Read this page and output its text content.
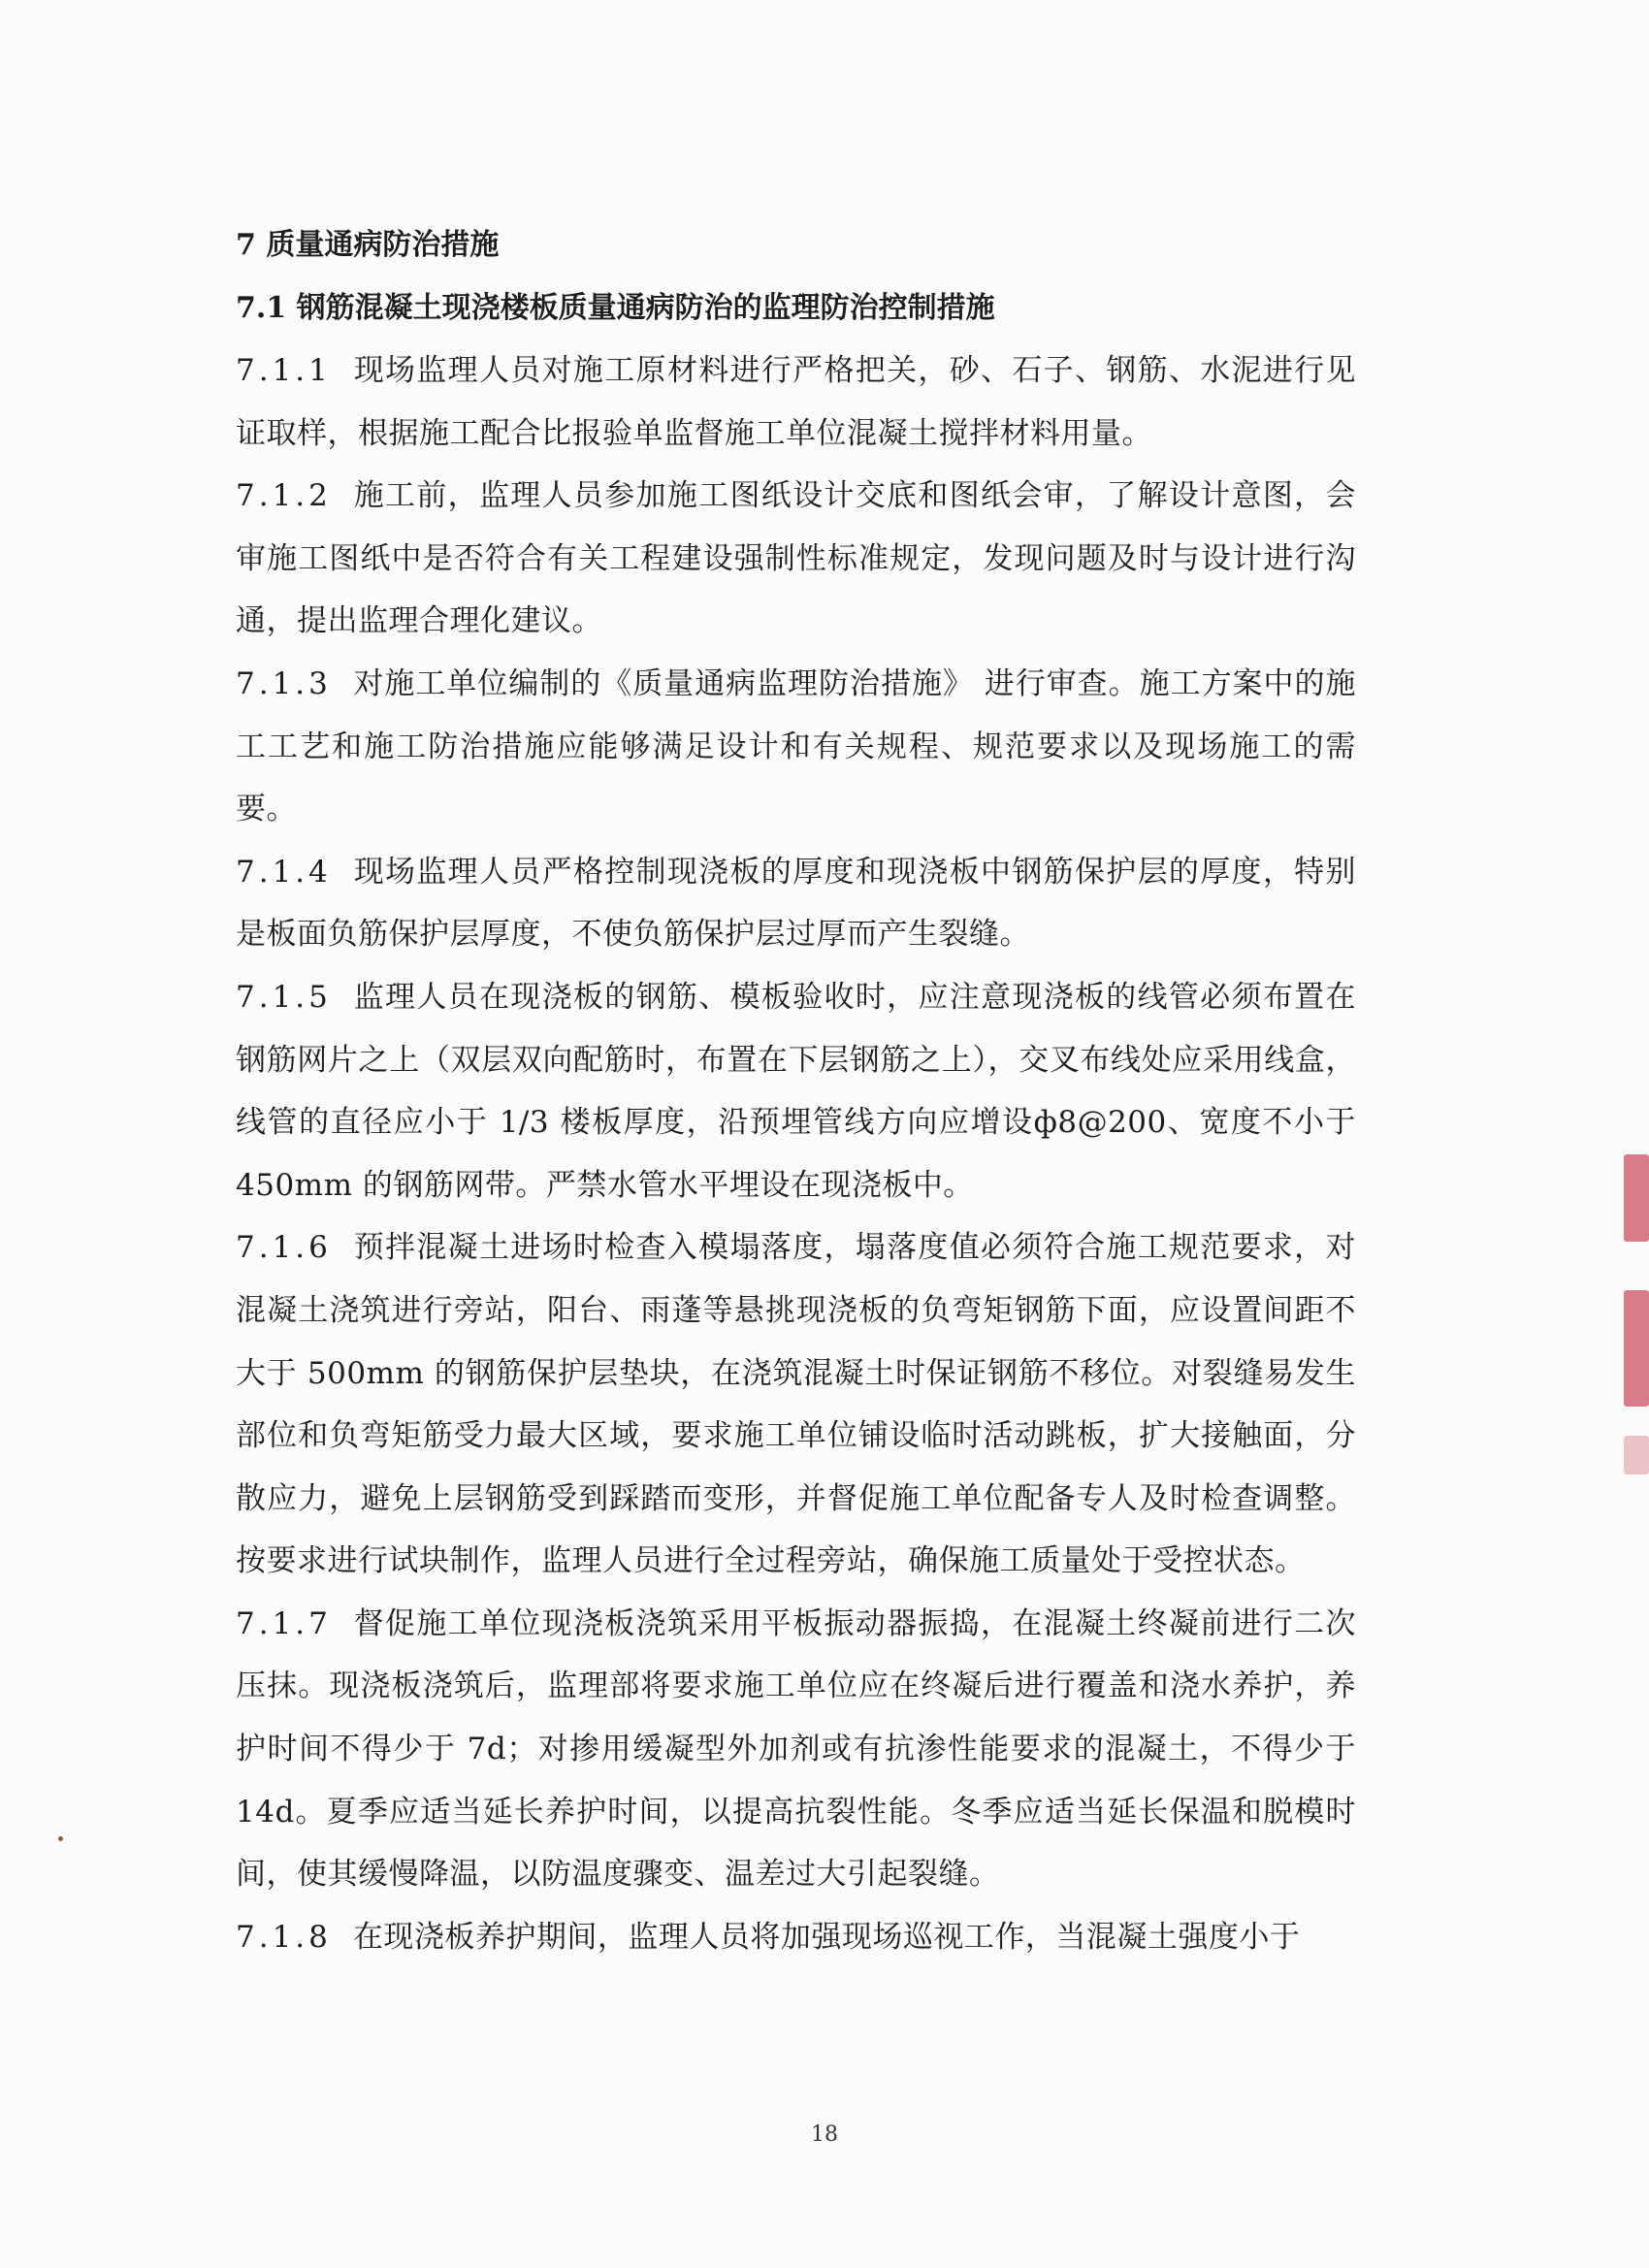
7 质量通病防治措施
7.1 钢筋混凝土现浇楼板质量通病防治的监理防治控制措施
7.1.1 现场监理人员对施工原材料进行严格把关，砂、石子、钢筋、水泥进行见证取样，根据施工配合比报验单监督施工单位混凝土搅拌材料用量。
7.1.2 施工前，监理人员参加施工图纸设计交底和图纸会审，了解设计意图，会审施工图纸中是否符合有关工程建设强制性标准规定，发现问题及时与设计进行沟通，提出监理合理化建议。
7.1.3 对施工单位编制的《质量通病监理防治措施》 进行审查。施工方案中的施工工艺和施工防治措施应能够满足设计和有关规程、规范要求以及现场施工的需要。
7.1.4 现场监理人员严格控制现浇板的厚度和现浇板中钢筋保护层的厚度，特别是板面负筋保护层厚度，不使负筋保护层过厚而产生裂缝。
7.1.5 监理人员在现浇板的钢筋、模板验收时，应注意现浇板的线管必须布置在钢筋网片之上（双层双向配筋时，布置在下层钢筋之上），交叉布线处应采用线盒，线管的直径应小于 1/3 楼板厚度，沿预埋管线方向应增设ф8@200、宽度不小于 450mm 的钢筋网带。严禁水管水平埋设在现浇板中。
7.1.6 预拌混凝土进场时检查入模塌落度，塌落度值必须符合施工规范要求，对混凝土浇筑进行旁站，阳台、雨蓬等悬挑现浇板的负弯矩钢筋下面，应设置间距不大于 500mm 的钢筋保护层垫块，在浇筑混凝土时保证钢筋不移位。对裂缝易发生部位和负弯矩筋受力最大区域，要求施工单位铺设临时活动跳板，扩大接触面，分散应力，避免上层钢筋受到踩踏而变形，并督促施工单位配备专人及时检查调整。按要求进行试块制作，监理人员进行全过程旁站，确保施工质量处于受控状态。
7.1.7 督促施工单位现浇板浇筑采用平板振动器振捣，在混凝土终凝前进行二次压抹。现浇板浇筑后，监理部将要求施工单位应在终凝后进行覆盖和浇水养护，养护时间不得少于 7d；对掺用缓凝型外加剂或有抗渗性能要求的混凝土，不得少于 14d。夏季应适当延长养护时间，以提高抗裂性能。冬季应适当延长保温和脱模时间，使其缓慢降温，以防温度骤变、温差过大引起裂缝。
7.1.8 在现浇板养护期间，监理人员将加强现场巡视工作，当混凝土强度小于
18
